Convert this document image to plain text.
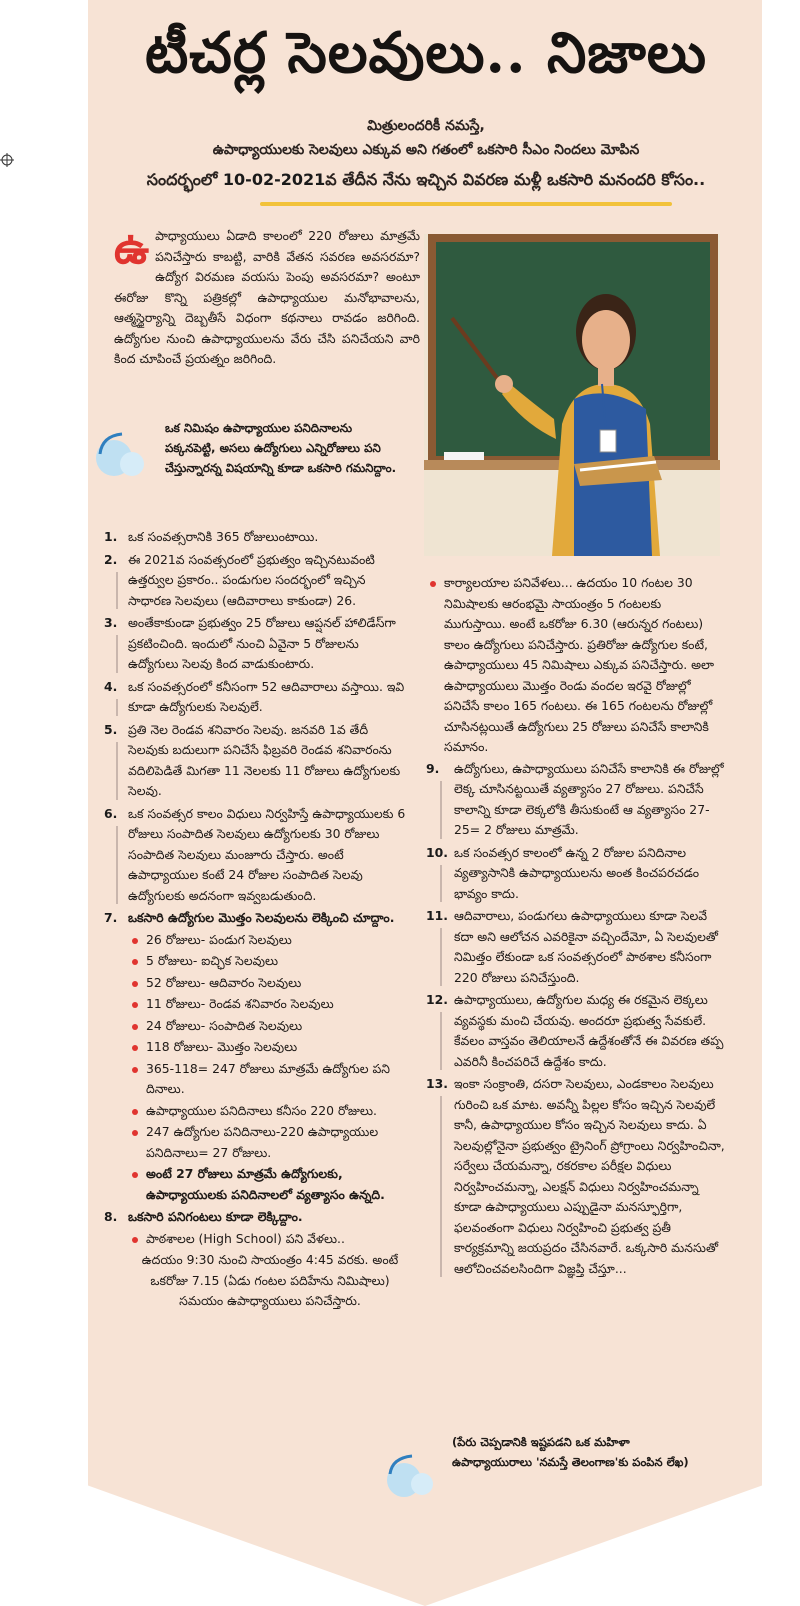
టీచర్ల సెలవులు.. నిజాలు
మిత్రులందరికీ నమస్తే,
ఉపాధ్యాయులకు సెలవులు ఎక్కువ అని గతంలో ఒకసారి సీఎం నిందలు మోపిన
సందర్భంలో 10-02-2021వ తేదీన నేను ఇచ్చిన వివరణ మళ్లీ ఒకసారి మనందరి కోసం..
ఉ పాధ్యాయులు ఏడాది కాలంలో 220 రోజులు మాత్రమే పనిచేస్తారు కాబట్టి, వారికి వేతన సవరణ అవసరమా? ఉద్యోగ విరమణ వయసు పెంపు అవసరమా? అంటూ ఈరోజు కొన్ని పత్రికల్లో ఉపాధ్యాయుల మనోభావాలను, ఆత్మస్థైర్యాన్ని దెబ్బతీసే విధంగా కథనాలు రావడం జరిగింది. ఉద్యోగుల నుంచి ఉపాధ్యాయులను వేరు చేసి పనిచేయని వారి కింద చూపించే ప్రయత్నం జరిగింది.
ఒక నిమిషం ఉపాధ్యాయుల పనిదినాలను పక్కనపెట్టి, అసలు ఉద్యోగులు ఎన్నిరోజులు పని చేస్తున్నారన్న విషయాన్ని కూడా ఒకసారి గమనిద్దాం.
1. ఒక సంవత్సరానికి 365 రోజులుంటాయి.
2. ఈ 2021వ సంవత్సరంలో ప్రభుత్వం ఇచ్చినటువంటి ఉత్తర్వుల ప్రకారం.. పండుగుల సందర్భంలో ఇచ్చిన సాధారణ సెలవులు (ఆదివారాలు కాకుండా) 26.
3. అంతేకాకుండా ప్రభుత్వం 25 రోజులు ఆప్షనల్ హాలిడేస్‌గా ప్రకటించింది. ఇందులో నుంచి ఏవైనా 5 రోజులను ఉద్యోగులు సెలవు కింద వాడుకుంటారు.
4. ఒక సంవత్సరంలో కనీసంగా 52 ఆదివారాలు వస్తాయి. ఇవి కూడా ఉద్యోగులకు సెలవులే.
5. ప్రతి నెల రెండవ శనివారం సెలవు. జనవరి 1వ తేదీ సెలవుకు బదులుగా పనిచేసే ఫిబ్రవరి రెండవ శనివారంను వదిలిపెడితే మిగతా 11 నెలలకు 11 రోజులు ఉద్యోగులకు సెలవు.
6. ఒక సంవత్సర కాలం విధులు నిర్వహిస్తే ఉపాధ్యాయులకు 6 రోజులు సంపాదిత సెలవులు ఉద్యోగులకు 30 రోజులు సంపాదిత సెలవులు మంజూరు చేస్తారు. అంటే ఉపాధ్యాయుల కంటే 24 రోజుల సంపాదిత సెలవు ఉద్యోగులకు అదనంగా ఇవ్వబడుతుంది.
7. ఒకసారి ఉద్యోగుల మొత్తం సెలవులను లెక్కించి చూద్దాం.
26 రోజులు- పండుగ సెలవులు
5 రోజులు- ఐచ్ఛిక సెలవులు
52 రోజులు- ఆదివారం సెలవులు
11 రోజులు- రెండవ శనివారం సెలవులు
24 రోజులు- సంపాదిత సెలవులు
118 రోజులు- మొత్తం సెలవులు
365-118= 247 రోజులు మాత్రమే ఉద్యోగుల పని దినాలు.
ఉపాధ్యాయుల పనిదినాలు కనీసం 220 రోజులు.
247 ఉద్యోగుల పనిదినాలు-220 ఉపాధ్యాయుల పనిదినాలు= 27 రోజులు.
అంటే 27 రోజులు మాత్రమే ఉద్యోగులకు, ఉపాధ్యాయులకు పనిదినాలలో వ్యత్యాసం ఉన్నది.
8. ఒకసారి పనిగంటలు కూడా లెక్కిద్దాం.
పాఠశాలల (High School) పని వేళలు..
ఉదయం 9:30 నుంచి సాయంత్రం 4:45 వరకు. అంటే ఒకరోజు 7.15 (ఏడు గంటల పదిహేను నిమిషాలు) సమయం ఉపాధ్యాయులు పనిచేస్తారు.
కార్యాలయాల పనివేళలు... ఉదయం 10 గంటల 30 నిమిషాలకు ఆరంభమై సాయంత్రం 5 గంటలకు ముగుస్తాయి. అంటే ఒకరోజు 6.30 (ఆరున్నర గంటలు) కాలం ఉద్యోగులు పనిచేస్తారు. ప్రతిరోజు ఉద్యోగుల కంటే, ఉపాధ్యాయులు 45 నిమిషాలు ఎక్కువ పనిచేస్తారు. అలా ఉపాధ్యాయులు మొత్తం రెండు వందల ఇరవై రోజుల్లో పనిచేసే కాలం 165 గంటలు. ఈ 165 గంటలను రోజుల్లో చూసినట్లయితే ఉద్యోగులు 25 రోజులు పనిచేసే కాలానికి సమానం.
9. ఉద్యోగులు, ఉపాధ్యాయులు పనిచేసే కాలానికి ఈ రోజుల్లో లెక్క చూసినట్టయితే వ్యత్యాసం 27 రోజులు. పనిచేసే కాలాన్ని కూడా లెక్కలోకి తీసుకుంటే ఆ వ్యత్యాసం 27-25= 2 రోజులు మాత్రమే.
10. ఒక సంవత్సర కాలంలో ఉన్న 2 రోజుల పనిదినాల వ్యత్యాసానికి ఉపాధ్యాయులను అంత కించపరచడం భావ్యం కాదు.
11. ఆదివారాలు, పండుగలు ఉపాధ్యాయులు కూడా సెలవే కదా అని ఆలోచన ఎవరికైనా వచ్చిందేమో, ఏ సెలవులతో నిమిత్తం లేకుండా ఒక సంవత్సరంలో పాఠశాల కనీసంగా 220 రోజులు పనిచేస్తుంది.
12. ఉపాధ్యాయులు, ఉద్యోగుల మధ్య ఈ రకమైన లెక్కలు వ్యవస్థకు మంచి చేయవు. అందరూ ప్రభుత్వ సేవకులే. కేవలం వాస్తవం తెలియాలనే ఉద్దేశంతోనే ఈ వివరణ తప్ప ఎవరినీ కించపరిచే ఉద్దేశం కాదు.
13. ఇంకా సంక్రాంతి, దసరా సెలవులు, ఎండకాలం సెలవులు గురించి ఒక మాట. అవన్నీ పిల్లల కోసం ఇచ్చిన సెలవులే కానీ, ఉపాధ్యాయుల కోసం ఇచ్చిన సెలవులు కాదు. ఏ సెలవుల్లోనైనా ప్రభుత్వం ట్రైనింగ్ ప్రోగ్రాంలు నిర్వహించినా, సర్వేలు చేయమన్నా, రకరకాల పరీక్షల విధులు నిర్వహించమన్నా, ఎలక్షన్ విధులు నిర్వహించమన్నా కూడా ఉపాధ్యాయులు ఎప్పుడైనా మనస్ఫూర్తిగా, ఫలవంతంగా విధులు నిర్వహించి ప్రభుత్వ ప్రతీ కార్యక్రమాన్ని జయప్రదం చేసినవారే. ఒక్కసారి మనసుతో ఆలోచించవలసిందిగా విజ్ఞప్తి చేస్తూ...
(పేరు చెప్పడానికి ఇష్టపడని ఒక మహిళా ఉపాధ్యాయురాలు 'నమస్తే తెలంగాణ'కు పంపిన లేఖ)
